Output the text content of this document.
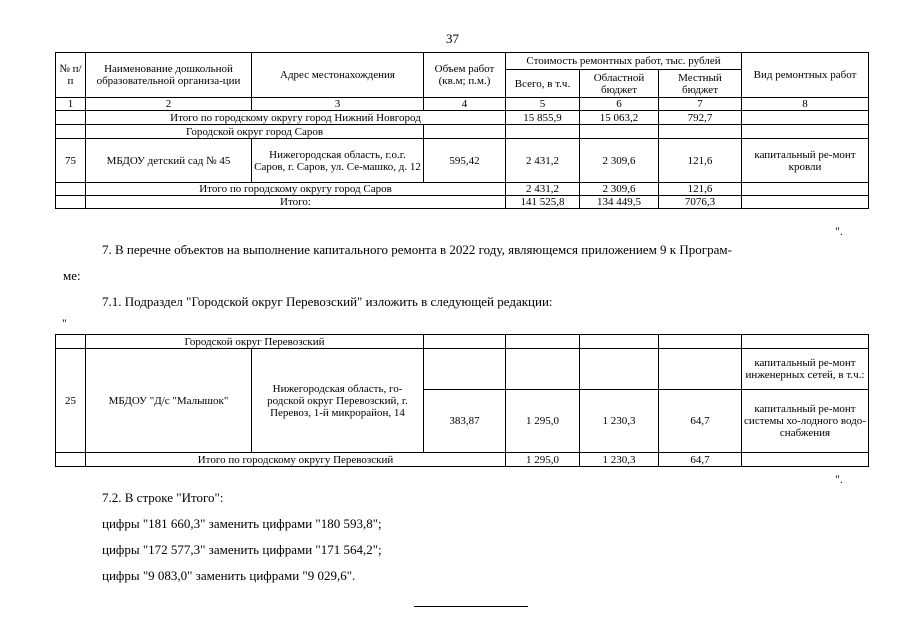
37
№ п/п	Наименование дошкольной образовательной организа-ции	Адрес местонахождения	Объем работ (кв.м; п.м.)	Стоимость ремонтных работ, тыс. рублей			Вид ремонтных работ
				Всего, в т.ч.	Областной бюджет	Местный бюджет	
1	2	3	4	5	6	7	8
	Итого по городскому округу город Нижний Новгород			15 855,9	15 063,2	792,7	
	Городской округ город Саров						
75	МБДОУ детский сад № 45	Нижегородская область, г.о.г. Саров, г. Саров, ул. Се-машко, д. 12	595,42	2 431,2	2 309,6	121,6	капитальный ре-монт кровли
	Итого по городскому округу город Саров			2 431,2	2 309,6	121,6	
	Итого:			141 525,8	134 449,5	7076,3	
".
7. В перечне объектов на выполнение капитального ремонта в 2022 году, являющемся приложением 9 к Програм-
ме:
7.1. Подраздел "Городской округ Перевозский" изложить в следующей редакции:
"
	Городской округ Перевозский						
25	МБДОУ "Д/с "Малышок"	Нижегородская область, го-родской округ Перевозский, г. Перевоз, 1-й микрорайон, 14					капитальный ре-монт инженерных сетей, в т.ч.:
			383,87	1 295,0	1 230,3	64,7	капитальный ре-монт системы хо-лодного водо-снабжения
	Итого по городскому округу Перевозский			1 295,0	1 230,3	64,7	
".
7.2. В строке "Итого":
цифры "181 660,3" заменить цифрами "180 593,8";
цифры "172 577,3" заменить цифрами "171 564,2";
цифры "9 083,0" заменить цифрами "9 029,6".
